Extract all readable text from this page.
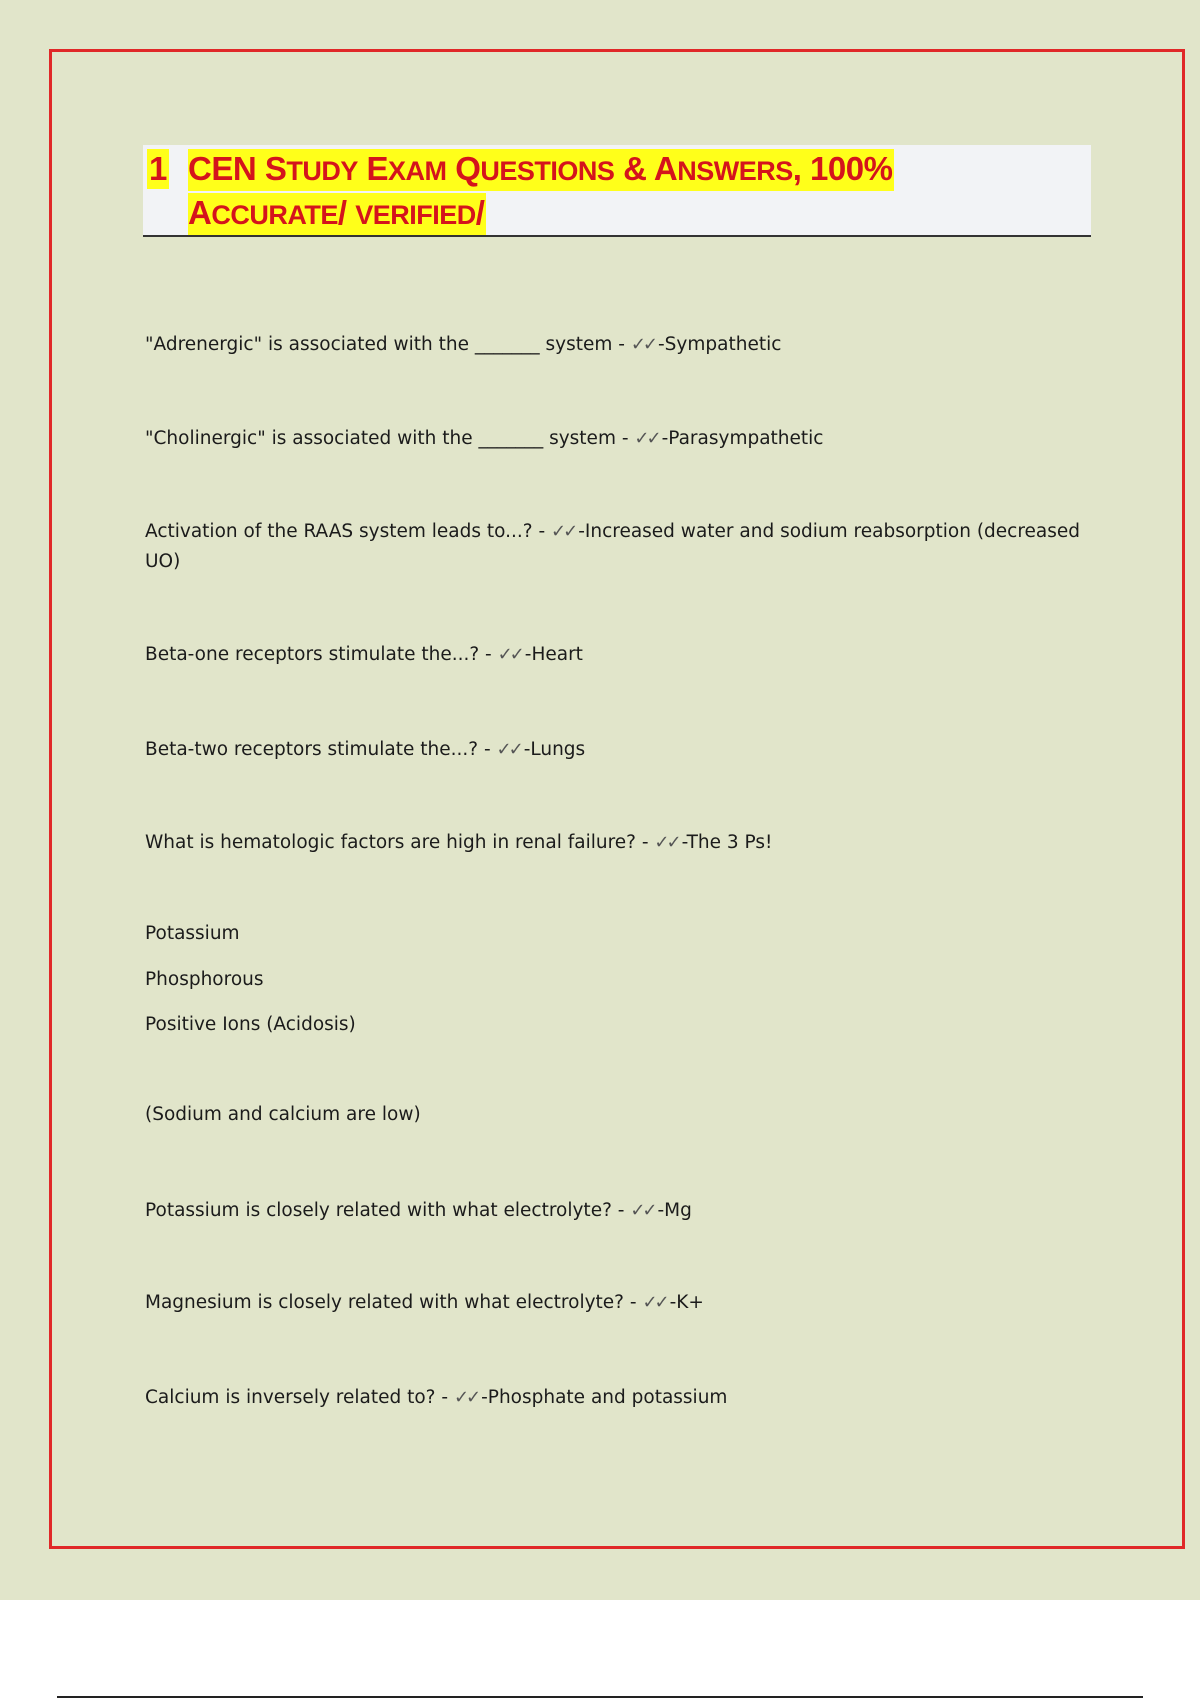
1 CEN STUDY EXAM QUESTIONS & ANSWERS, 100%
ACCURATE/ VERIFIED/
"Adrenergic" is associated with the _______ system - ✓✓ -Sympathetic
"Cholinergic" is associated with the _______ system - ✓✓ -Parasympathetic
Activation of the RAAS system leads to...? - ✓✓ -Increased water and sodium reabsorption (decreased UO)
Beta-one receptors stimulate the...? - ✓✓ -Heart
Beta-two receptors stimulate the...? - ✓✓ -Lungs
What is hematologic factors are high in renal failure? - ✓✓ -The 3 Ps!
Potassium
Phosphorous
Positive Ions (Acidosis)
(Sodium and calcium are low)
Potassium is closely related with what electrolyte? - ✓✓ -Mg
Magnesium is closely related with what electrolyte? - ✓✓ -K+
Calcium is inversely related to? - ✓✓ -Phosphate and potassium
